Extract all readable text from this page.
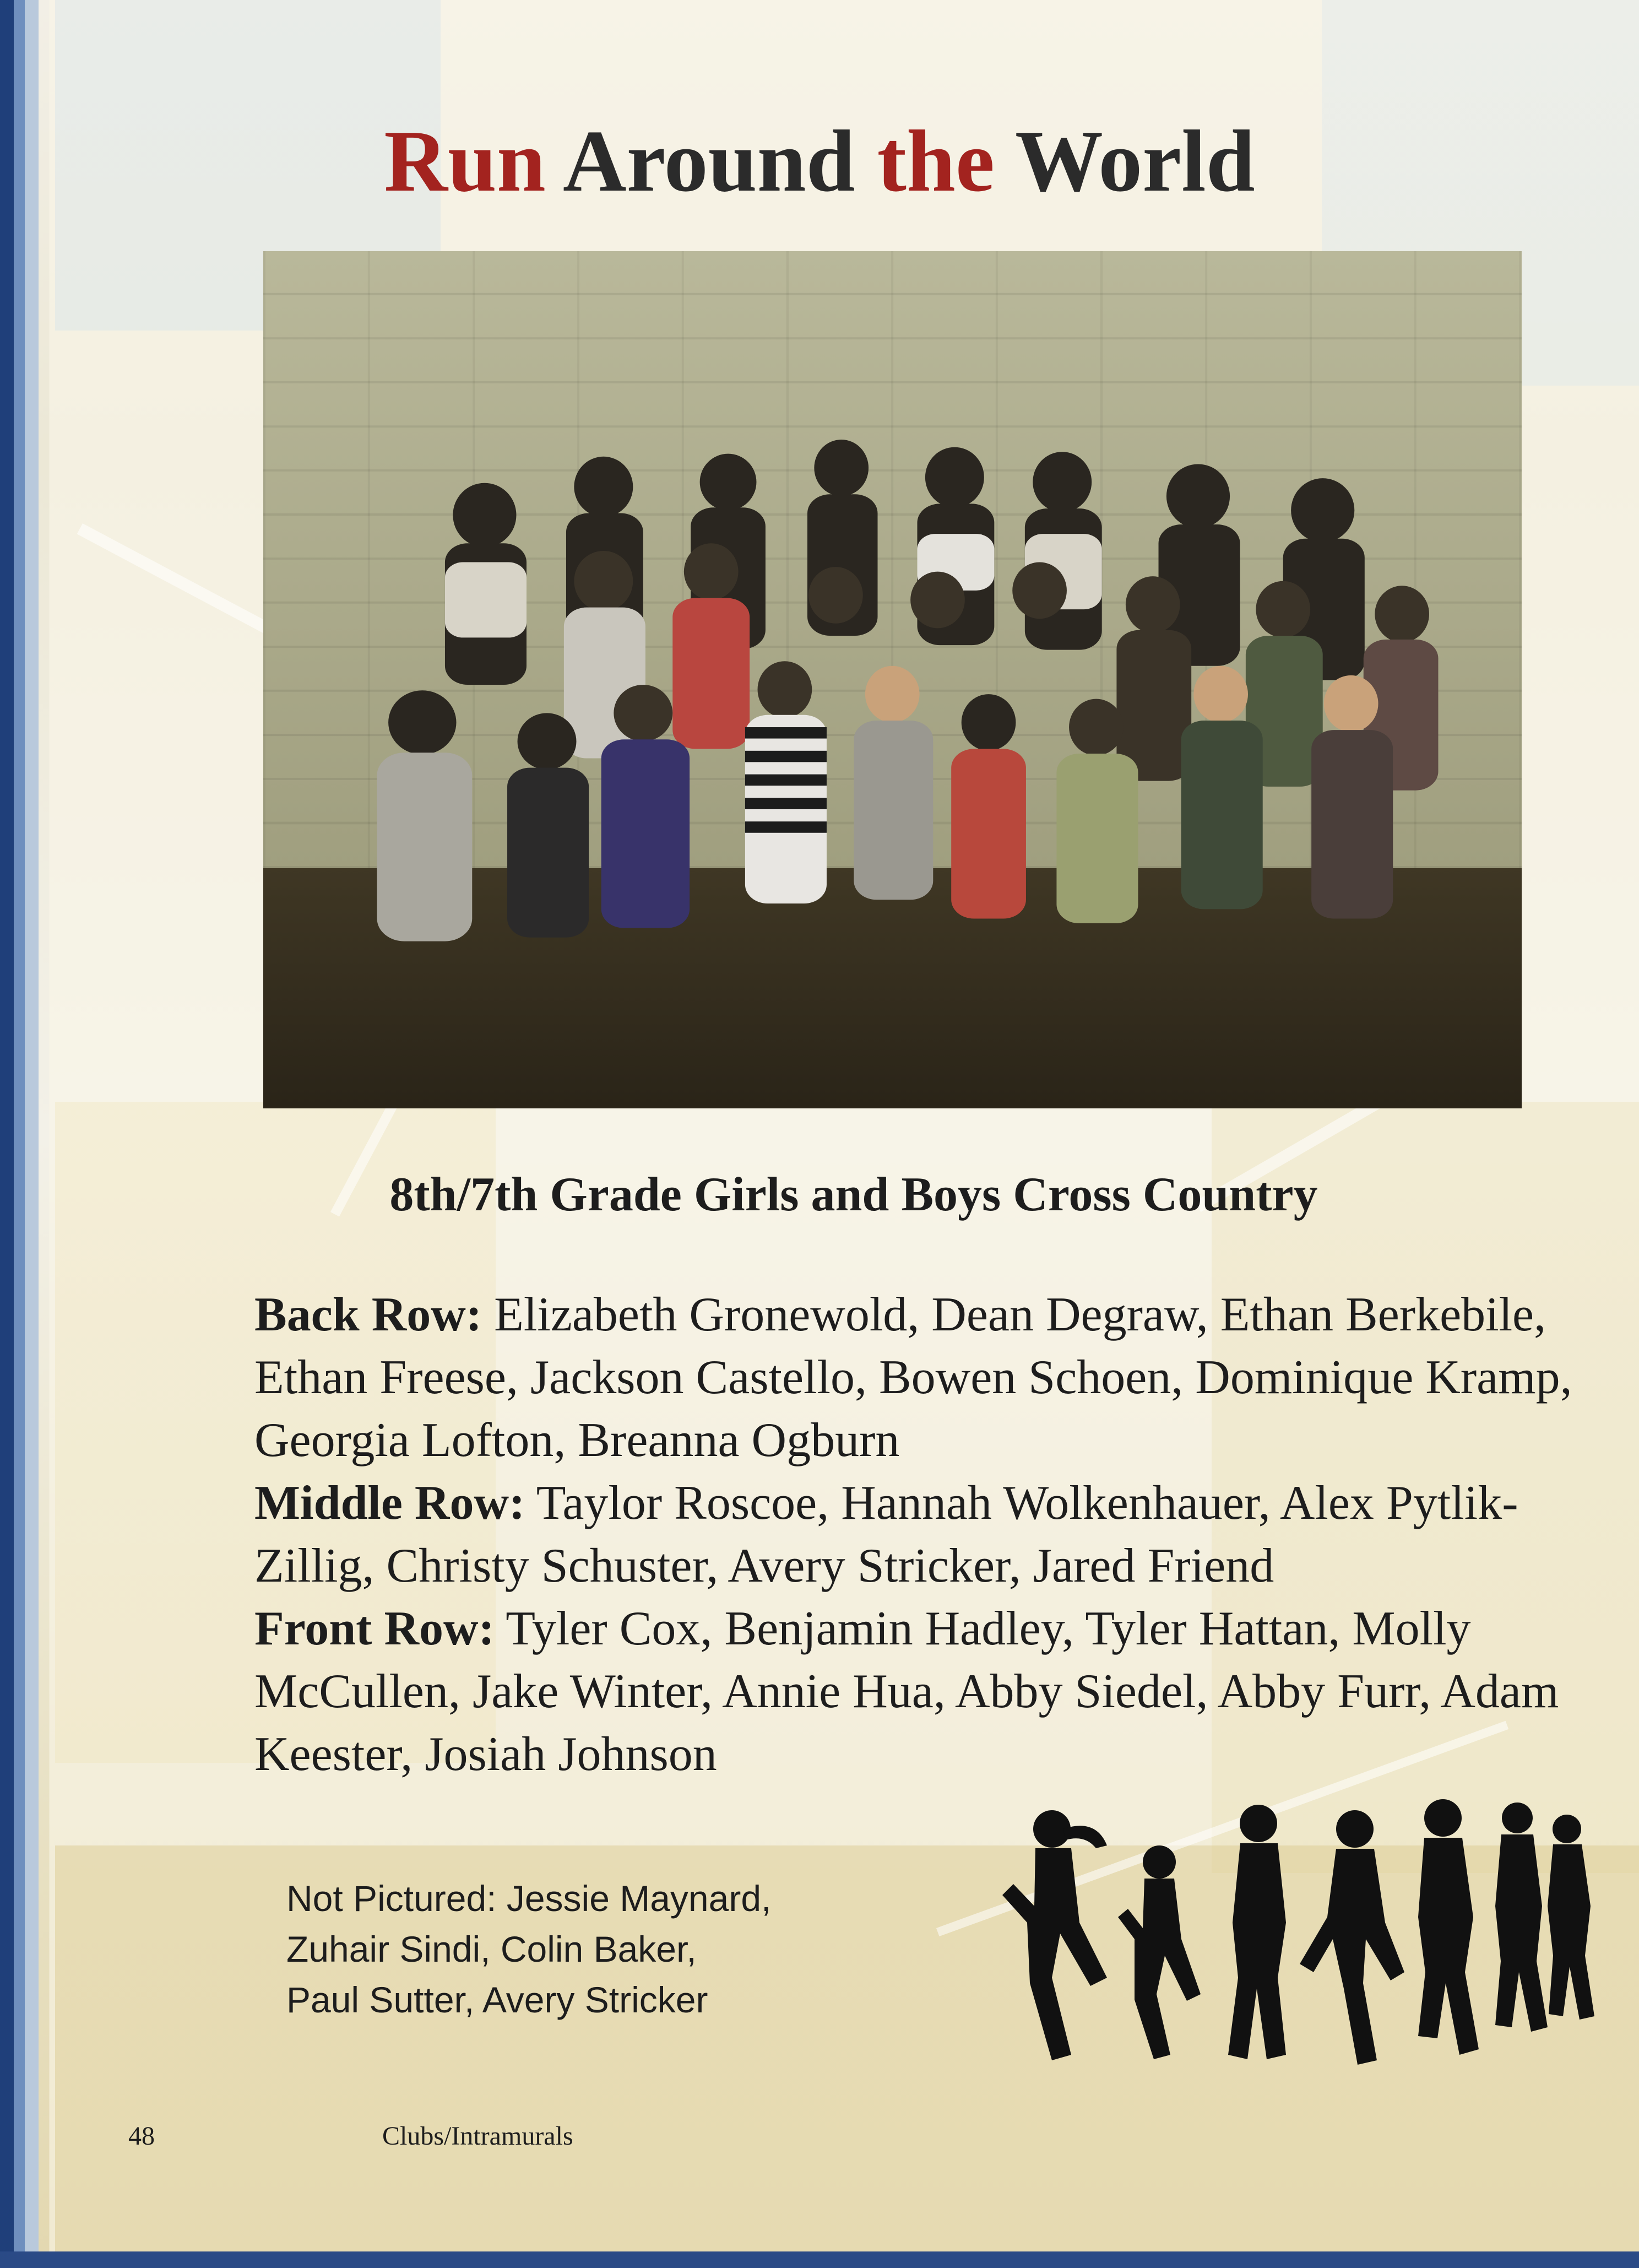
Run Around the World
8th/7th Grade Girls and Boys Cross Country
Back Row: Elizabeth Gronewold, Dean Degraw, Ethan Berkebile, Ethan Freese, Jackson Castello, Bowen Schoen, Dominique Kramp, Georgia Lofton, Breanna Ogburn
Middle Row: Taylor Roscoe, Hannah Wolkenhauer, Alex Pytlik-Zillig, Christy Schuster, Avery Stricker, Jared Friend
Front Row: Tyler Cox, Benjamin Hadley, Tyler Hattan, Molly McCullen, Jake Winter, Annie Hua, Abby Siedel, Abby Furr, Adam Keester, Josiah Johnson
Not Pictured: Jessie Maynard,
Zuhair Sindi, Colin Baker,
Paul Sutter, Avery Stricker
48	Clubs/Intramurals
